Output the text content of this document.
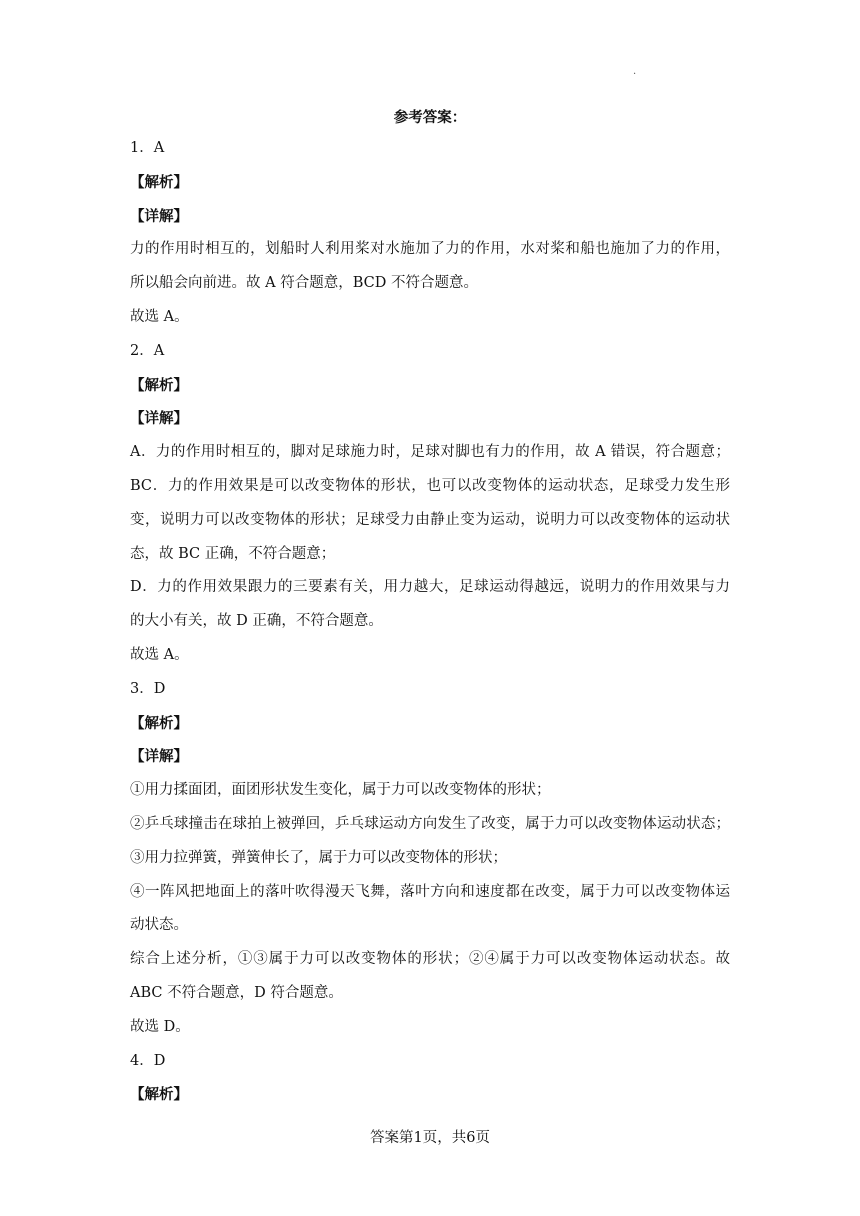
.
参考答案：
1．A
【解析】
【详解】
力的作用时相互的，划船时人利用桨对水施加了力的作用，水对桨和船也施加了力的作用，
所以船会向前进。故 A 符合题意，BCD 不符合题意。
故选 A。
2．A
【解析】
【详解】
A．力的作用时相互的，脚对足球施力时，足球对脚也有力的作用，故 A 错误，符合题意；
BC．力的作用效果是可以改变物体的形状，也可以改变物体的运动状态，足球受力发生形
变，说明力可以改变物体的形状；足球受力由静止变为运动，说明力可以改变物体的运动状
态，故 BC 正确，不符合题意；
D．力的作用效果跟力的三要素有关，用力越大，足球运动得越远，说明力的作用效果与力
的大小有关，故 D 正确，不符合题意。
故选 A。
3．D
【解析】
【详解】
①用力揉面团，面团形状发生变化，属于力可以改变物体的形状；
②乒乓球撞击在球拍上被弹回，乒乓球运动方向发生了改变，属于力可以改变物体运动状态；
③用力拉弹簧，弹簧伸长了，属于力可以改变物体的形状；
④一阵风把地面上的落叶吹得漫天飞舞，落叶方向和速度都在改变，属于力可以改变物体运
动状态。
综合上述分析，①③属于力可以改变物体的形状；②④属于力可以改变物体运动状态。故
ABC 不符合题意，D 符合题意。
故选 D。
4．D
【解析】
答案第1页，共6页
